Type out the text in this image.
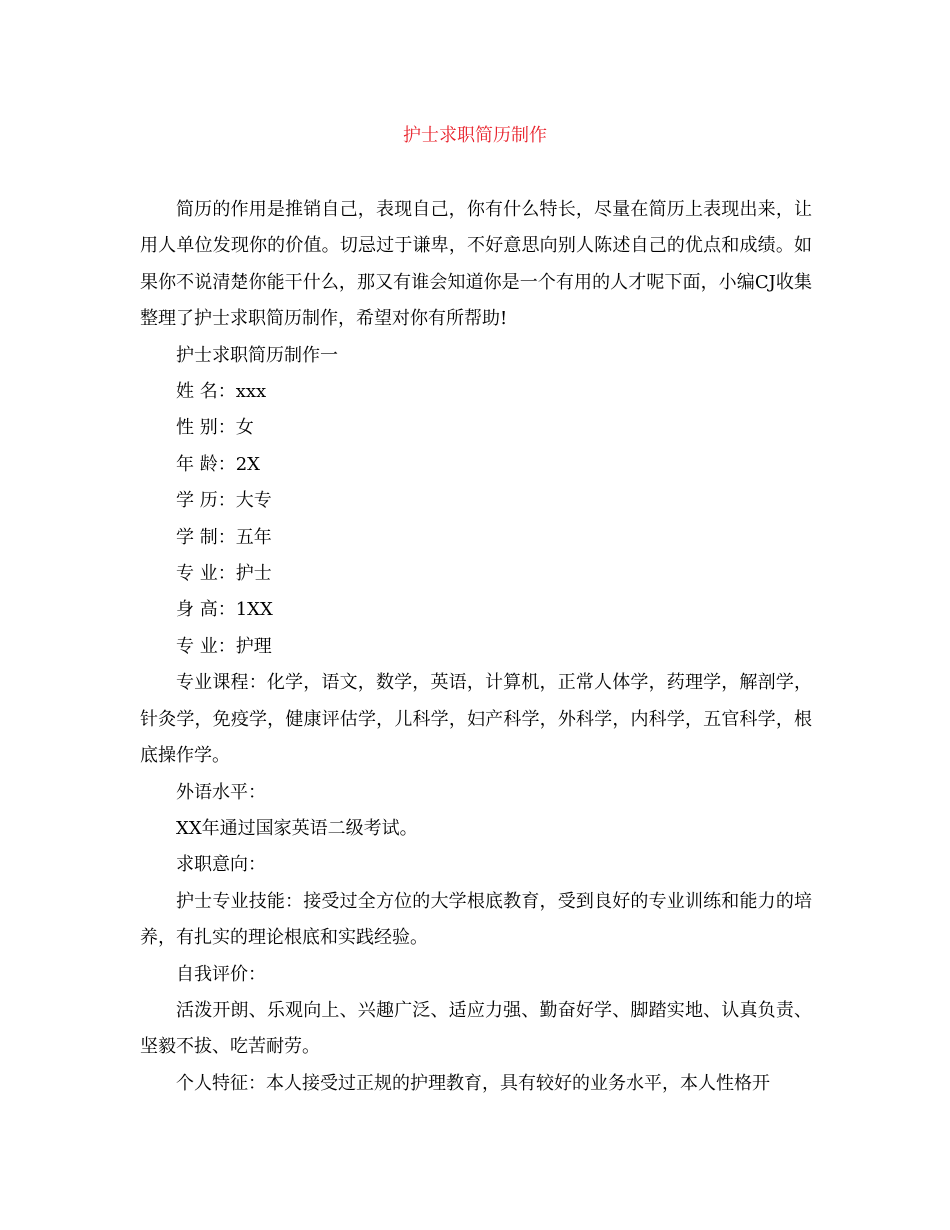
护士求职简历制作

简历的作用是推销自己，表现自己，你有什么特长，尽量在简历上表现出来，让用人单位发现你的价值。切忌过于谦卑，不好意思向别人陈述自己的优点和成绩。如果你不说清楚你能干什么，那又有谁会知道你是一个有用的人才呢下面，小编CJ收集整理了护士求职简历制作，希望对你有所帮助!

护士求职简历制作一

姓 名：xxx

性 别：女

年 龄：2X

学 历：大专

学 制：五年

专 业：护士

身 高：1XX

专 业：护理

专业课程：化学，语文，数学，英语，计算机，正常人体学，药理学，解剖学，针灸学，免疫学，健康评估学，儿科学，妇产科学，外科学，内科学，五官科学，根底操作学。

外语水平：

XX年通过国家英语二级考试。

求职意向：

护士专业技能：接受过全方位的大学根底教育，受到良好的专业训练和能力的培养，有扎实的理论根底和实践经验。

自我评价：

活泼开朗、乐观向上、兴趣广泛、适应力强、勤奋好学、脚踏实地、认真负责、坚毅不拔、吃苦耐劳。

个人特征：本人接受过正规的护理教育，具有较好的业务水平，本人性格开
